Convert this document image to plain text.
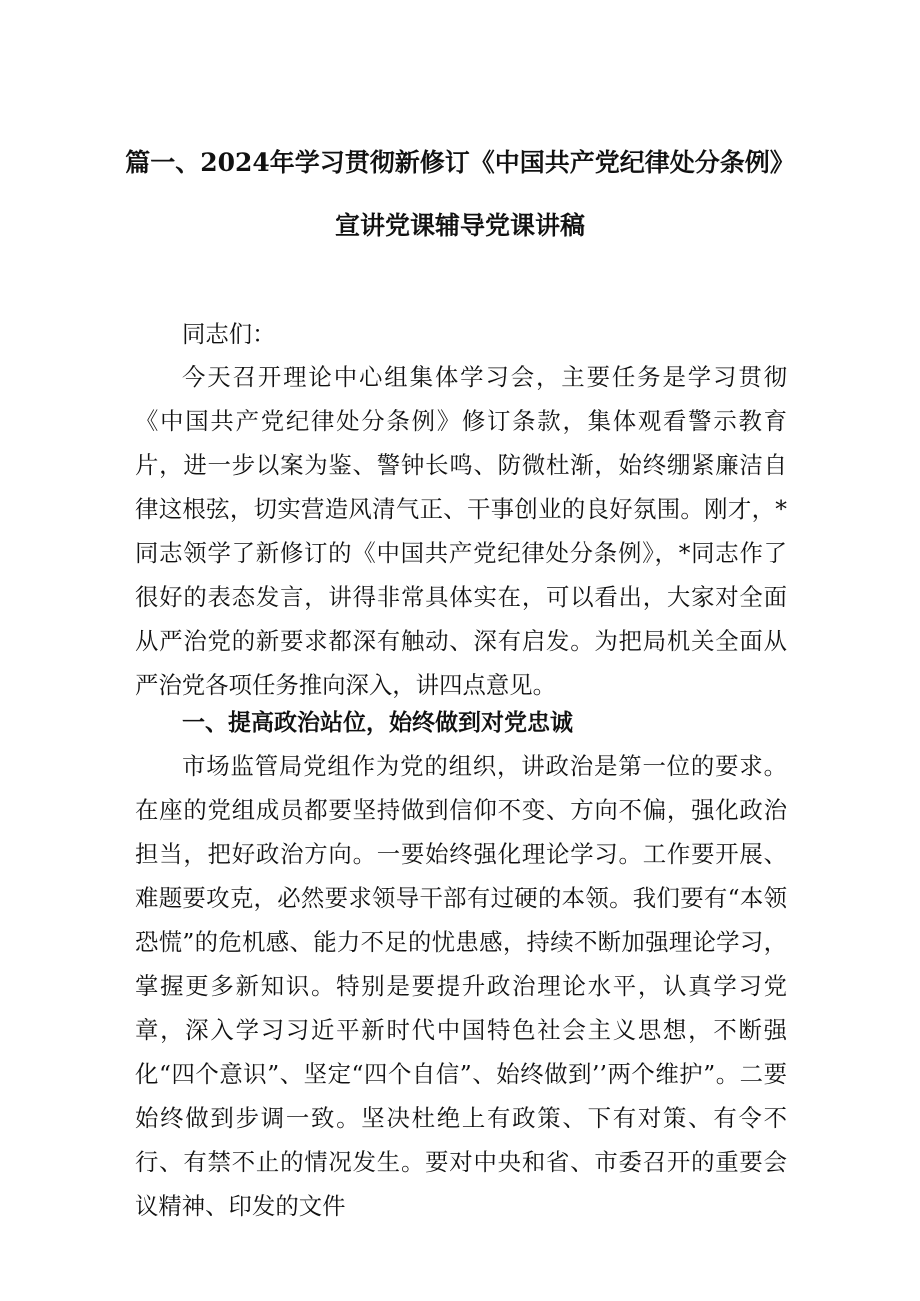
篇一、2024年学习贯彻新修订《中国共产党纪律处分条例》
宣讲党课辅导党课讲稿

同志们：

今天召开理论中心组集体学习会，主要任务是学习贯彻《中国共产党纪律处分条例》修订条款，集体观看警示教育片，进一步以案为鉴、警钟长鸣、防微杜渐，始终绷紧廉洁自律这根弦，切实营造风清气正、干事创业的良好氛围。刚才，*同志领学了新修订的《中国共产党纪律处分条例》，*同志作了很好的表态发言，讲得非常具体实在，可以看出，大家对全面从严治党的新要求都深有触动、深有启发。为把局机关全面从严治党各项任务推向深入，讲四点意见。

一、提高政治站位，始终做到对党忠诚

市场监管局党组作为党的组织，讲政治是第一位的要求。在座的党组成员都要坚持做到信仰不变、方向不偏，强化政治担当，把好政治方向。一要始终强化理论学习。工作要开展、难题要攻克，必然要求领导干部有过硬的本领。我们要有“本领恐慌”的危机感、能力不足的忧患感，持续不断加强理论学习，掌握更多新知识。特别是要提升政治理论水平，认真学习党章，深入学习习近平新时代中国特色社会主义思想，不断强化“四个意识”、坚定“四个自信”、始终做到’’两个维护”。二要始终做到步调一致。坚决杜绝上有政策、下有对策、有令不行、有禁不止的情况发生。要对中央和省、市委召开的重要会议精神、印发的文件
